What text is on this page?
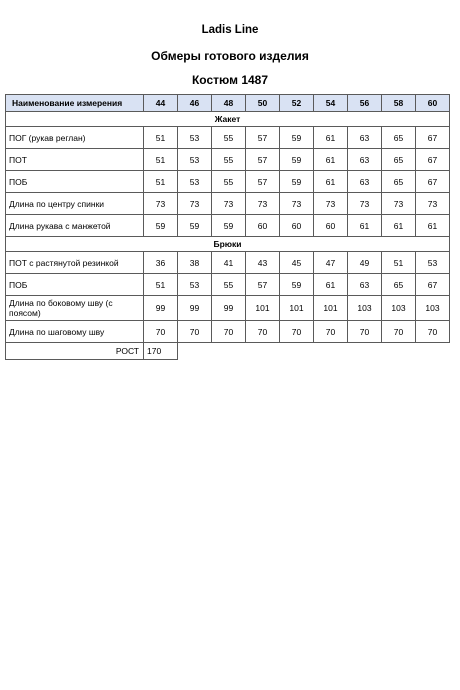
Ladis Line
Обмеры готового изделия
Костюм 1487
Наименование измерения	44	46	48	50	52	54	56	58	60
Жакет									
ПОГ (рукав реглан)	51	53	55	57	59	61	63	65	67
ПОТ	51	53	55	57	59	61	63	65	67
ПОБ	51	53	55	57	59	61	63	65	67
Длина по центру спинки	73	73	73	73	73	73	73	73	73
Длина рукава с манжетой	59	59	59	60	60	60	61	61	61
Брюки									
ПОТ с растянутой резинкой	36	38	41	43	45	47	49	51	53
ПОБ	51	53	55	57	59	61	63	65	67
Длина по боковому шву (с поясом)	99	99	99	101	101	101	103	103	103
Длина по шаговому шву	70	70	70	70	70	70	70	70	70
РОСТ	170								
